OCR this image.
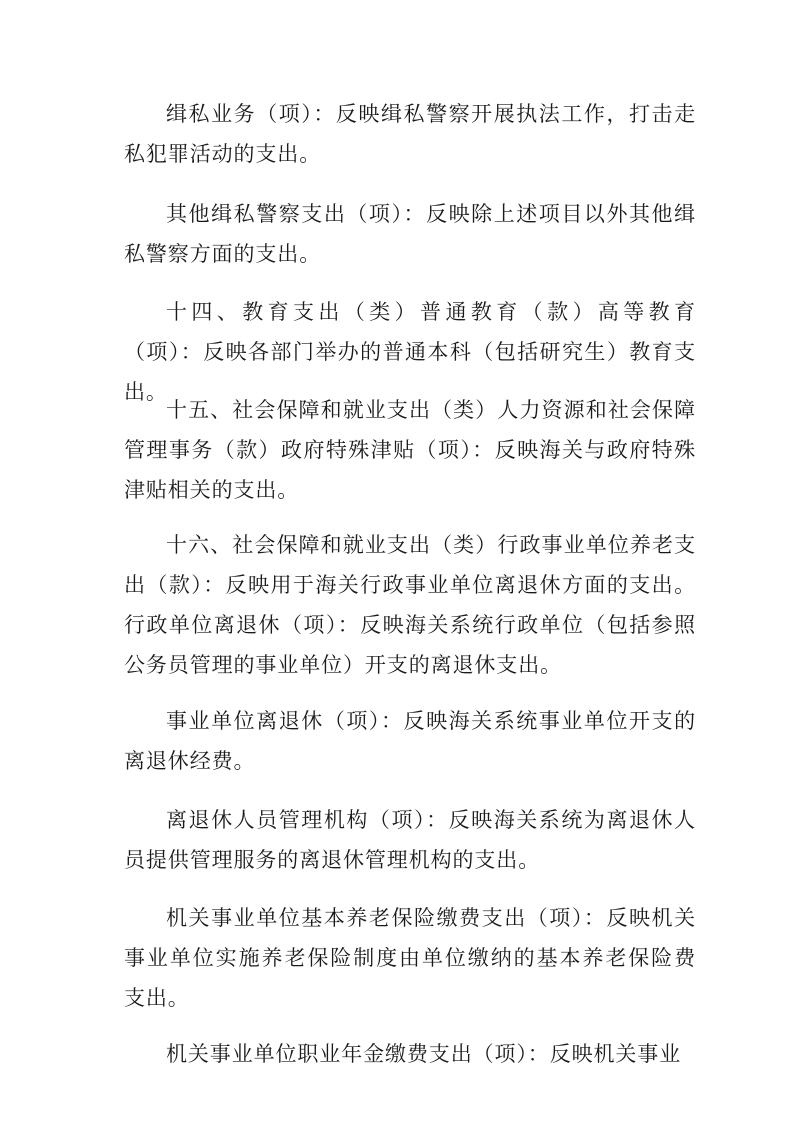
缉私业务（项）：反映缉私警察开展执法工作，打击走私犯罪活动的支出。

其他缉私警察支出（项）：反映除上述项目以外其他缉私警察方面的支出。

十四、教育支出（类）普通教育（款）高等教育（项）：反映各部门举办的普通本科（包括研究生）教育支出。

十五、社会保障和就业支出（类）人力资源和社会保障管理事务（款）政府特殊津贴（项）：反映海关与政府特殊津贴相关的支出。

十六、社会保障和就业支出（类）行政事业单位养老支出（款）：反映用于海关行政事业单位离退休方面的支出。行政单位离退休（项）：反映海关系统行政单位（包括参照公务员管理的事业单位）开支的离退休支出。

事业单位离退休（项）：反映海关系统事业单位开支的离退休经费。

离退休人员管理机构（项）：反映海关系统为离退休人员提供管理服务的离退休管理机构的支出。

机关事业单位基本养老保险缴费支出（项）：反映机关事业单位实施养老保险制度由单位缴纳的基本养老保险费 支出。

机关事业单位职业年金缴费支出（项）：反映机关事业
